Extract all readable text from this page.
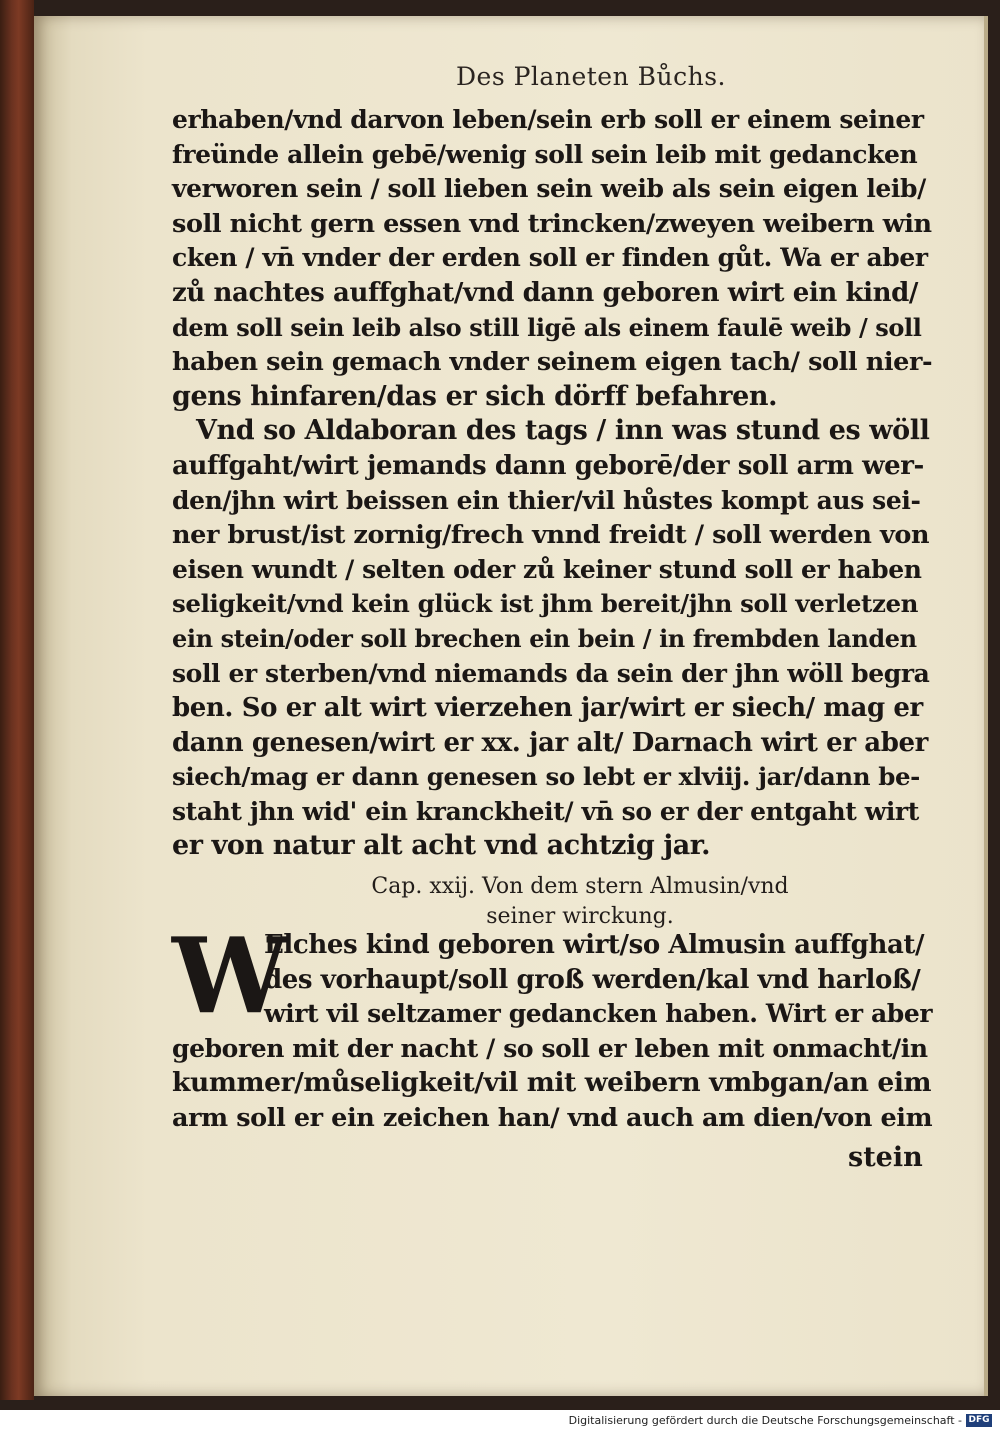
Des Planeten Bůchs.
erhaben/vnd darvon leben/sein erb soll er einem seiner
freünde allein gebē/wenig soll sein leib mit gedancken
verworen sein / soll lieben sein weib als sein eigen leib/
soll nicht gern essen vnd trincken/zweyen weibern win
cken / vn̄ vnder der erden soll er finden gůt. Wa er aber
zů nachtes auffghat/vnd dann geboren wirt ein kind/
dem soll sein leib also still ligē als einem faulē weib / soll
haben sein gemach vnder seinem eigen tach/ soll nier-
gens hinfaren/das er sich dörff befahren.
Vnd so Aldaboran des tags / inn was stund es wöll
auffgaht/wirt jemands dann geborē/der soll arm wer-
den/jhn wirt beissen ein thier/vil hůstes kompt aus sei-
ner brust/ist zornig/frech vnnd freidt / soll werden von
eisen wundt / selten oder zů keiner stund soll er haben
seligkeit/vnd kein glück ist jhm bereit/jhn soll verletzen
ein stein/oder soll brechen ein bein / in frembden landen
soll er sterben/vnd niemands da sein der jhn wöll begra
ben. So er alt wirt vierzehen jar/wirt er siech/ mag er
dann genesen/wirt er xx. jar alt/ Darnach wirt er aber
siech/mag er dann genesen so lebt er xlviij. jar/dann be-
staht jhn wid' ein kranckheit/ vn̄ so er der entgaht wirt
er von natur alt acht vnd achtzig jar.
Cap. xxij. Von dem stern Almusin/vnd
seiner wirckung.
W
Elches kind geboren wirt/so Almusin auffghat/
des vorhaupt/soll groß werden/kal vnd harloß/
wirt vil seltzamer gedancken haben. Wirt er aber
geboren mit der nacht / so soll er leben mit onmacht/in
kummer/můseligkeit/vil mit weibern vmbgan/an eim
arm soll er ein zeichen han/ vnd auch am dien/von eim
stein
Digitalisierung gefördert durch die Deutsche Forschungsgemeinschaft - DFG
